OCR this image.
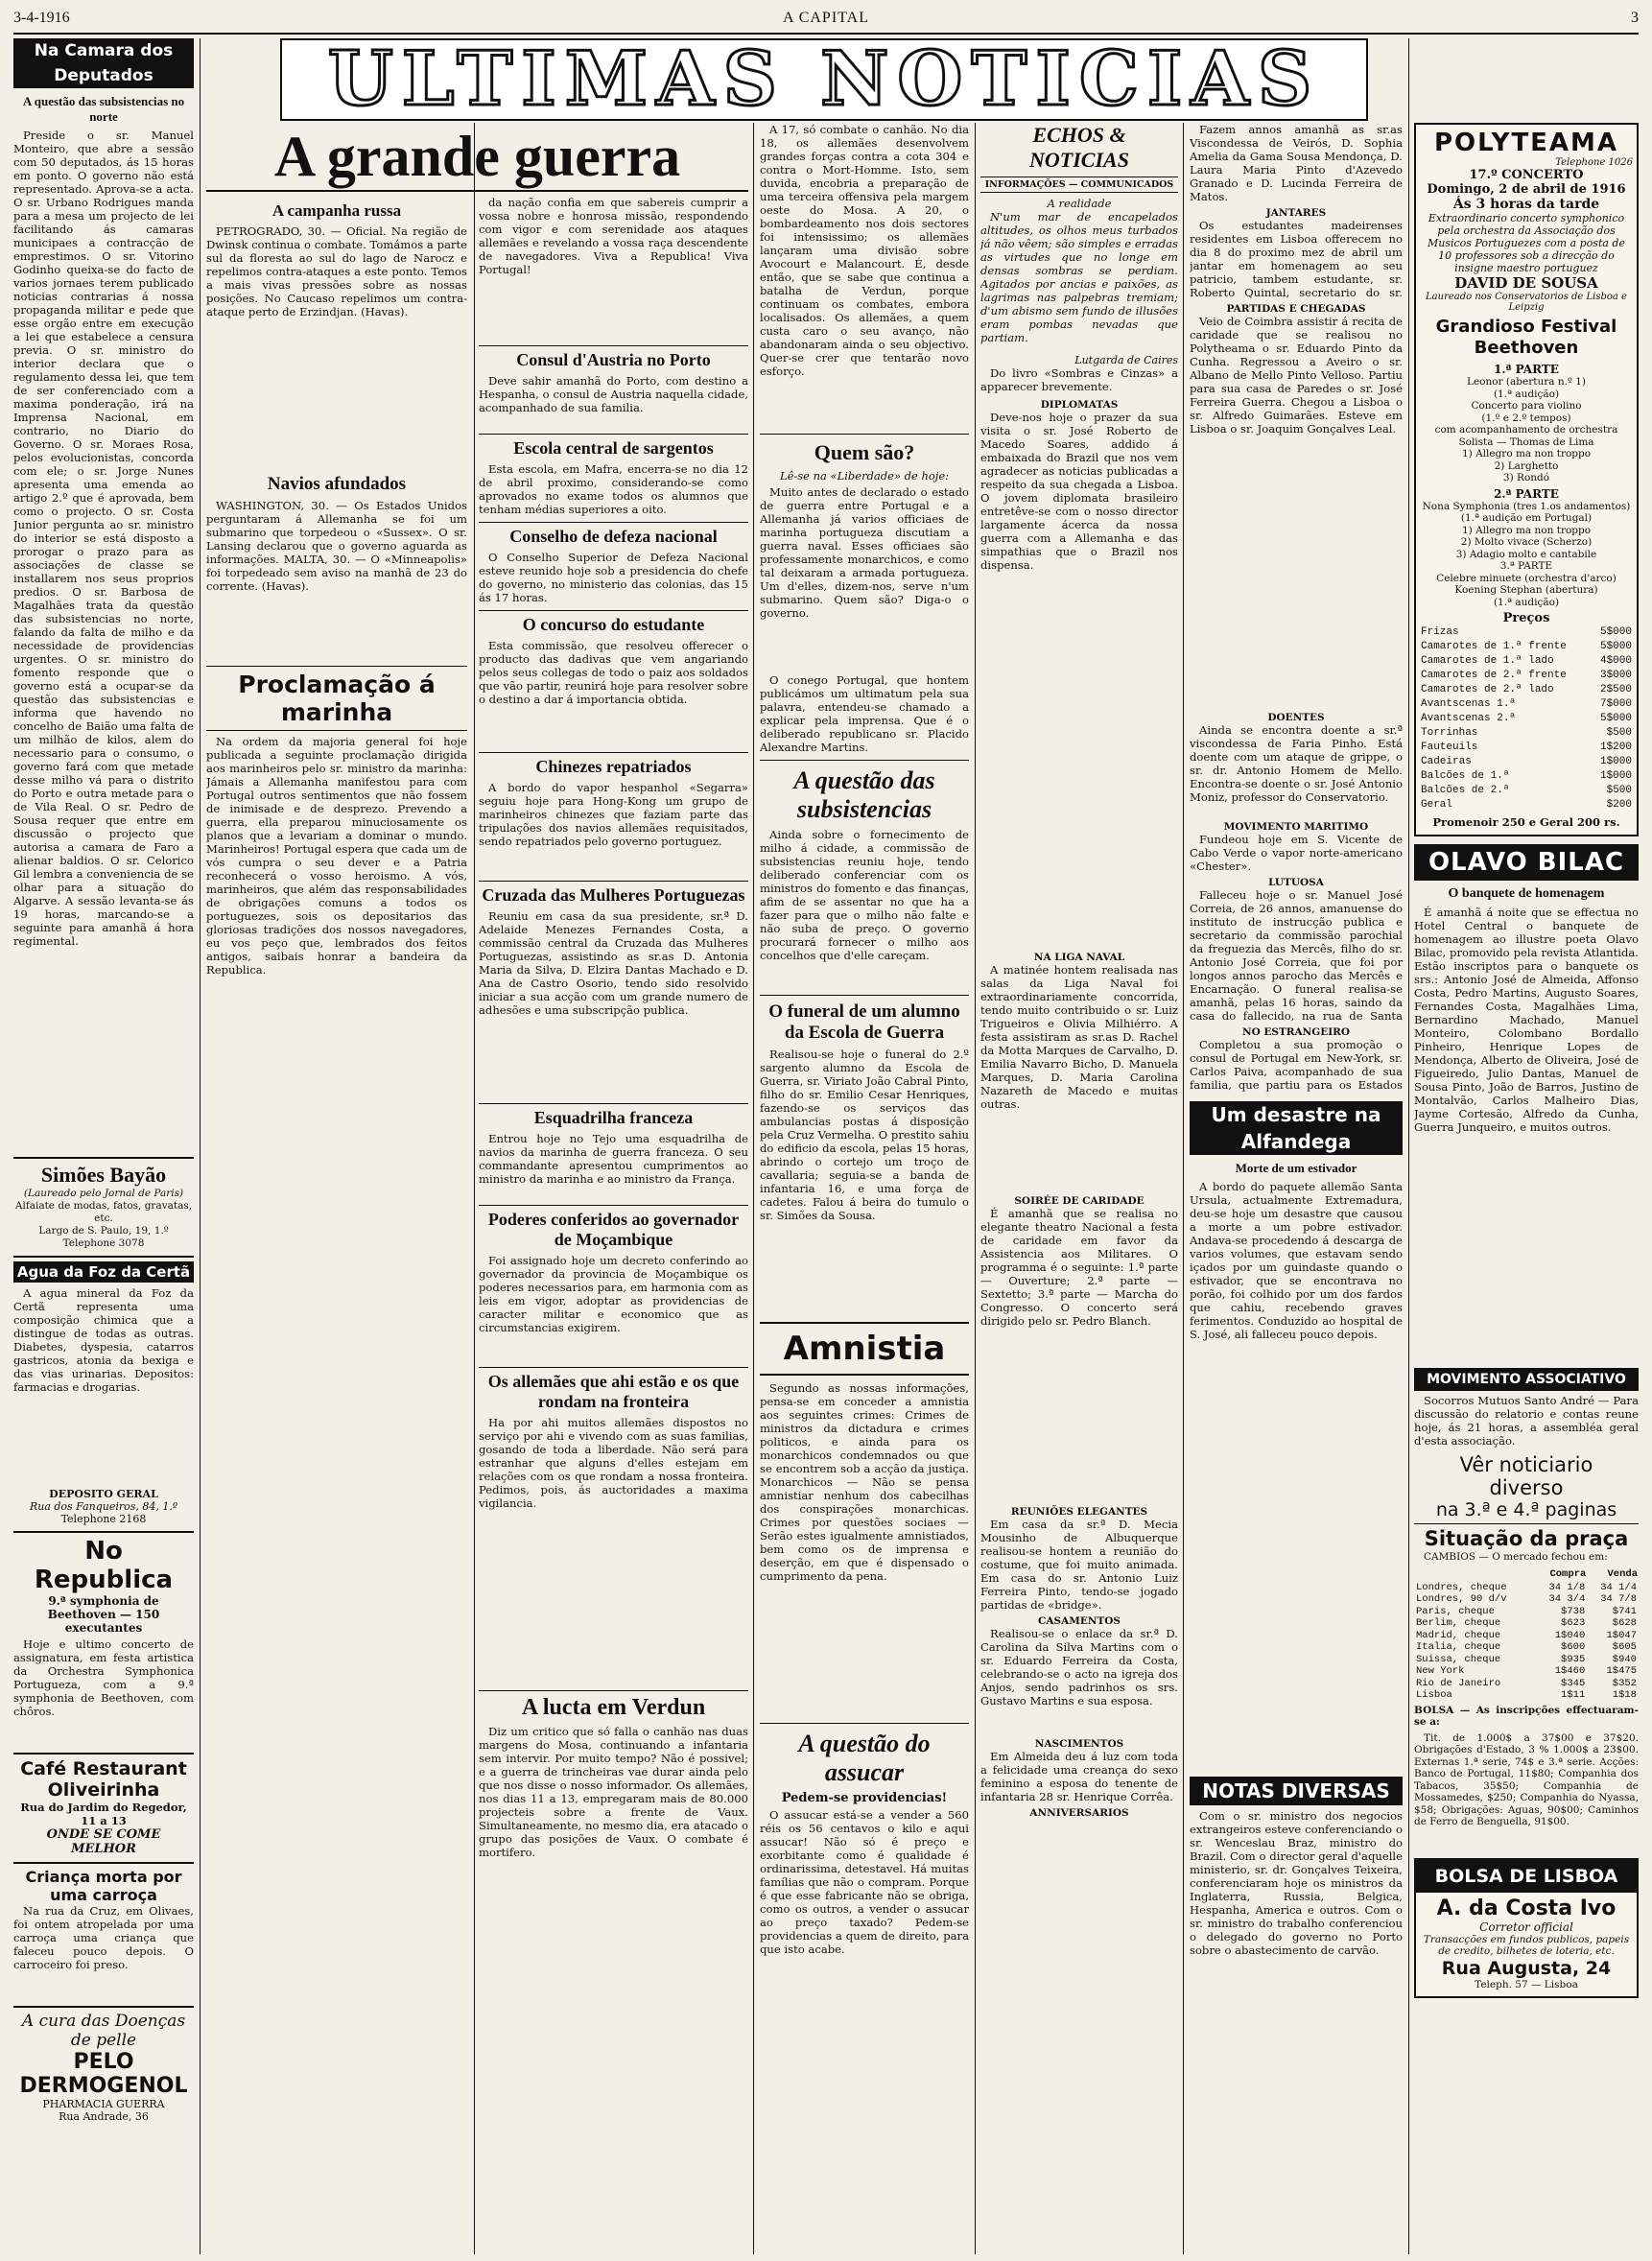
3-4-1916	A CAPITAL	3
ULTIMAS NOTICIAS
Na Camara dos Deputados
A questão das subsistencias no norte

Preside o sr. Manuel Monteiro, que abre a sessão com 50 deputados, ás 15 horas em ponto. O governo não está representado. Aprova-se a acta. O sr. Urbano Rodrigues manda para a mesa um projecto de lei facilitando ás camaras municipaes a contracção de emprestimos. O sr. Vitorino Godinho queixa-se do facto de varios jornaes terem publicado noticias contrarias á nossa propaganda militar e pede que esse orgão entre em execução a lei que estabelece a censura previa. O sr. ministro do interior declara que o regulamento dessa lei, que tem de ser conferenciado com a maxima ponderação, irá na Imprensa Nacional, em contrario, no Diario do Governo. O sr. Moraes Rosa, pelos evolucionistas, concorda com ele; o sr. Jorge Nunes apresenta uma emenda ao artigo 2.º que é aprovada, bem como o projecto. O sr. Costa Junior pergunta ao sr. ministro do interior se está disposto a prorogar o prazo para as associações de classe se installarem nos seus proprios predios. O sr. Barbosa de Magalhães trata da questão das subsistencias no norte, falando da falta de milho e da necessidade de providencias urgentes. O sr. ministro do fomento responde que o governo está a ocupar-se da questão das subsistencias e informa que havendo no concelho de Baião uma falta de um milhão de kilos, alem do necessario para o consumo, o governo fará com que metade desse milho vá para o distrito do Porto e outra metade para o de Vila Real. O sr. Pedro de Sousa requer que entre em discussão o projecto que autorisa a camara de Faro a alienar baldios. O sr. Celorico Gil lembra a conveniencia de se olhar para a situação do Algarve. A sessão levanta-se ás 19 horas, marcando-se a seguinte para amanhã á hora regimental.

Simões Bayão
(Laureado pelo Jornal de Paris)
Alfaiate de modas, fatos, gravatas, etc.
Largo de S. Paulo, 19, 1.º
Telephone 3078
Agua da Foz da Certã

A agua mineral da Foz da Certã representa uma composição chimica que a distingue de todas as outras. Diabetes, dyspesia, catarros gastricos, atonia da bexiga e das vias urinarias. Depositos: farmacias e drogarias.

DEPOSITO GERAL
Rua dos Fanqueiros, 84, 1.º
Telephone 2168
No Republica
9.ª symphonia de Beethoven — 150 executantes

Hoje e ultimo concerto de assignatura, em festa artistica da Orchestra Symphonica Portugueza, com a 9.ª symphonia de Beethoven, com chôros.

Café Restaurant Oliveirinha
Rua do Jardim do Regedor, 11 a 13
ONDE SE COME MELHOR
Criança morta por uma carroça

Na rua da Cruz, em Olivaes, foi ontem atropelada por uma carroça uma criança que faleceu pouco depois. O carroceiro foi preso.

A cura das Doenças de pelle
PELO DERMOGENOL
PHARMACIA GUERRA
Rua Andrade, 36
A grande guerra
A campanha russa

PETROGRADO, 30. — Oficial. Na região de Dwinsk continua o combate. Tomámos a parte sul da floresta ao sul do lago de Narocz e repelimos contra-ataques a este ponto. Temos a mais vivas pressões sobre as nossas posições. No Caucaso repelimos um contra-ataque perto de Erzindjan. (Havas).

Navios afundados

WASHINGTON, 30. — Os Estados Unidos perguntaram á Allemanha se foi um submarino que torpedeou o «Sussex». O sr. Lansing declarou que o governo aguarda as informações. MALTA, 30. — O «Minneapolis» foi torpedeado sem aviso na manhã de 23 do corrente. (Havas).

Proclamação á marinha

Na ordem da majoria general foi hoje publicada a seguinte proclamação dirigida aos marinheiros pelo sr. ministro da marinha: Jámais a Allemanha manifestou para com Portugal outros sentimentos que não fossem de inimisade e de desprezo. Prevendo a guerra, ella preparou minuciosamente os planos que a levariam a dominar o mundo. Marinheiros! Portugal espera que cada um de vós cumpra o seu dever e a Patria reconhecerá o vosso heroismo. A vós, marinheiros, que além das responsabilidades de obrigações comuns a todos os portuguezes, sois os depositarios das gloriosas tradições dos nossos navegadores, eu vos peço que, lembrados dos feitos antigos, saibais honrar a bandeira da Republica.

da nação confia em que sabereis cumprir a vossa nobre e honrosa missão, respondendo com vigor e com serenidade aos ataques allemães e revelando a vossa raça descendente de navegadores. Viva a Republica! Viva Portugal!

Consul d'Austria no Porto

Deve sahir amanhã do Porto, com destino a Hespanha, o consul de Austria naquella cidade, acompanhado de sua familia.

Escola central de sargentos

Esta escola, em Mafra, encerra-se no dia 12 de abril proximo, considerando-se como aprovados no exame todos os alumnos que tenham médias superiores a oito.

Conselho de defeza nacional

O Conselho Superior de Defeza Nacional esteve reunido hoje sob a presidencia do chefe do governo, no ministerio das colonias, das 15 ás 17 horas.

O concurso do estudante

Esta commissão, que resolveu offerecer o producto das dadivas que vem angariando pelos seus collegas de todo o paiz aos soldados que vão partir, reunirá hoje para resolver sobre o destino a dar á importancia obtida.

Chinezes repatriados

A bordo do vapor hespanhol «Segarra» seguiu hoje para Hong-Kong um grupo de marinheiros chinezes que faziam parte das tripulações dos navios allemães requisitados, sendo repatriados pelo governo portuguez.

Cruzada das Mulheres Portuguezas

Reuniu em casa da sua presidente, sr.ª D. Adelaide Menezes Fernandes Costa, a commissão central da Cruzada das Mulheres Portuguezas, assistindo as sr.as D. Antonia Maria da Silva, D. Elzira Dantas Machado e D. Ana de Castro Osorio, tendo sido resolvido iniciar a sua acção com um grande numero de adhesões e uma subscripção publica.

Esquadrilha franceza

Entrou hoje no Tejo uma esquadrilha de navios da marinha de guerra franceza. O seu commandante apresentou cumprimentos ao ministro da marinha e ao ministro da França.

Poderes conferidos ao governador de Moçambique

Foi assignado hoje um decreto conferindo ao governador da provincia de Moçambique os poderes necessarios para, em harmonia com as leis em vigor, adoptar as providencias de caracter militar e economico que as circumstancias exigirem.

Os allemães que ahi estão e os que rondam na fronteira

Ha por ahi muitos allemães dispostos no serviço por ahi e vivendo com as suas familias, gosando de toda a liberdade. Não será para estranhar que alguns d'elles estejam em relações com os que rondam a nossa fronteira. Pedimos, pois, ás auctoridades a maxima vigilancia.

A lucta em Verdun

Diz um critico que só falla o canhão nas duas margens do Mosa, continuando a infantaria sem intervir. Por muito tempo? Não é possivel; e a guerra de trincheiras vae durar ainda pelo que nos disse o nosso informador. Os allemães, nos dias 11 a 13, empregaram mais de 80.000 projecteis sobre a frente de Vaux. Simultaneamente, no mesmo dia, era atacado o grupo das posições de Vaux. O combate é mortifero.

A 17, só combate o canhão. No dia 18, os allemães desenvolvem grandes forças contra a cota 304 e contra o Mort-Homme. Isto, sem duvida, encobria a preparação de uma terceira offensiva pela margem oeste do Mosa. A 20, o bombardeamento nos dois sectores foi intensissimo; os allemães lançaram uma divisão sobre Avocourt e Malancourt. É, desde então, que se sabe que continua a batalha de Verdun, porque continuam os combates, embora localisados. Os allemães, a quem custa caro o seu avanço, não abandonaram ainda o seu objectivo. Quer-se crer que tentarão novo esforço.

Quem são?
Lê-se na «Liberdade» de hoje:

Muito antes de declarado o estado de guerra entre Portugal e a Allemanha já varios officiaes de marinha portugueza discutiam a guerra naval. Esses officiaes são professamente monarchicos, e como tal deixaram a armada portugueza. Um d'elles, dizem-nos, serve n'um submarino. Quem são? Diga-o o governo.

O conego Portugal, que hontem publicámos um ultimatum pela sua palavra, entendeu-se chamado a explicar pela imprensa. Que é o deliberado republicano sr. Placido Alexandre Martins.

A questão das subsistencias

Ainda sobre o fornecimento de milho á cidade, a commissão de subsistencias reuniu hoje, tendo deliberado conferenciar com os ministros do fomento e das finanças, afim de se assentar no que ha a fazer para que o milho não falte e não suba de preço. O governo procurará fornecer o milho aos concelhos que d'elle careçam.

O funeral de um alumno da Escola de Guerra

Realisou-se hoje o funeral do 2.º sargento alumno da Escola de Guerra, sr. Viriato João Cabral Pinto, filho do sr. Emilio Cesar Henriques, fazendo-se os serviços das ambulancias postas á disposição pela Cruz Vermelha. O prestito sahiu do edificio da escola, pelas 15 horas, abrindo o cortejo um troço de cavallaria; seguia-se a banda de infantaria 16, e uma força de cadetes. Falou á beira do tumulo o sr. Simões da Sousa.

Amnistia

Segundo as nossas informações, pensa-se em conceder a amnistia aos seguintes crimes: Crimes de ministros da dictadura e crimes politicos, e ainda para os monarchicos condemnados ou que se encontrem sob a acção da justiça. Monarchicos — Não se pensa amnistiar nenhum dos cabecilhas dos conspirações monarchicas. Crimes por questões sociaes — Serão estes igualmente amnistiados, bem como os de imprensa e deserção, em que é dispensado o cumprimento da pena.

A questão do assucar
Pedem-se providencias!

O assucar está-se a vender a 560 réis os 56 centavos o kilo e aqui assucar! Não só é preço e exorbitante como é qualidade é ordinarissima, detestavel. Há muitas famílias que não o compram. Porque é que esse fabricante não se obriga, como os outros, a vender o assucar ao preço taxado? Pedem-se providencias a quem de direito, para que isto acabe.

ECHOS & NOTICIAS
INFORMAÇÕES — COMMUNICADOS
A realidade

N'um mar de encapelados altitudes, os olhos meus turbados já não vêem; são simples e erradas as virtudes que no longe em densas sombras se perdiam. Agitados por ancias e paixões, as lagrimas nas palpebras tremiam; d'um abismo sem fundo de illusões eram pombas nevadas que partiam.

Lutgarda de Caires

Do livro «Sombras e Cinzas» a apparecer brevemente.

DIPLOMATAS

Deve-nos hoje o prazer da sua visita o sr. José Roberto de Macedo Soares, addido á embaixada do Brazil que nos vem agradecer as noticias publicadas a respeito da sua chegada a Lisboa. O jovem diplomata brasileiro entretêve-se com o nosso director largamente ácerca da nossa guerra com a Allemanha e das simpathias que o Brazil nos dispensa.

NA LIGA NAVAL

A matinée hontem realisada nas salas da Liga Naval foi extraordinariamente concorrida, tendo muito contribuido o sr. Luiz Trigueiros e Olivia Milhiérro. A festa assistiram as sr.as D. Rachel da Motta Marques de Carvalho, D. Emilia Navarro Bicho, D. Manuela Marques, D. Maria Carolina Nazareth de Macedo e muitas outras.

SOIRÉE DE CARIDADE

É amanhã que se realisa no elegante theatro Nacional a festa de caridade em favor da Assistencia aos Militares. O programma é o seguinte: 1.ª parte — Ouverture; 2.ª parte — Sextetto; 3.ª parte — Marcha do Congresso. O concerto será dirigido pelo sr. Pedro Blanch.

REUNIÕES ELEGANTES

Em casa da sr.ª D. Mecia Mousinho de Albuquerque realisou-se hontem a reunião do costume, que foi muito animada. Em casa do sr. Antonio Luiz Ferreira Pinto, tendo-se jogado partidas de «bridge».

CASAMENTOS

Realisou-se o enlace da sr.ª D. Carolina da Silva Martins com o sr. Eduardo Ferreira da Costa, celebrando-se o acto na igreja dos Anjos, sendo padrinhos os srs. Gustavo Martins e sua esposa.

NASCIMENTOS

Em Almeida deu á luz com toda a felicidade uma creança do sexo feminino a esposa do tenente de infantaria 28 sr. Henrique Corrêa.

ANNIVERSARIOS

Fazem annos amanhã as sr.as Viscondessa de Veirós, D. Sophia Amelia da Gama Sousa Mendonça, D. Laura Maria Pinto d'Azevedo Granado e D. Lucinda Ferreira de Matos.

JANTARES

Os estudantes madeirenses residentes em Lisboa offerecem no dia 8 do proximo mez de abril um jantar em homenagem ao seu patricio, tambem estudante, sr. Roberto Quintal, secretario do sr.

PARTIDAS E CHEGADAS

Veio de Coimbra assistir á recita de caridade que se realisou no Polytheama o sr. Eduardo Pinto da Cunha. Regressou a Aveiro o sr. Albano de Mello Pinto Velloso. Partiu para sua casa de Paredes o sr. José Ferreira Guerra. Chegou a Lisboa o sr. Alfredo Guimarães. Esteve em Lisboa o sr. Joaquim Gonçalves Leal.

DOENTES

Ainda se encontra doente a sr.ª viscondessa de Faria Pinho. Está doente com um ataque de grippe, o sr. dr. Antonio Homem de Mello. Encontra-se doente o sr. José Antonio Moniz, professor do Conservatorio.

MOVIMENTO MARITIMO

Fundeou hoje em S. Vicente de Cabo Verde o vapor norte-americano «Chester».

LUTUOSA

Falleceu hoje o sr. Manuel José Correia, de 26 annos, amanuense do instituto de instrucção publica e secretario da commissão parochial da freguezia das Mercês, filho do sr. Antonio José Correia, que foi por longos annos parocho das Mercês e Encarnação. O funeral realisa-se amanhã, pelas 16 horas, saindo da casa do fallecido, na rua de Santa

NO ESTRANGEIRO

Completou a sua promoção o consul de Portugal em New-York, sr. Carlos Paiva, acompanhado de sua familia, que partiu para os Estados

Um desastre na Alfandega
Morte de um estivador

A bordo do paquete allemão Santa Ursula, actualmente Extremadura, deu-se hoje um desastre que causou a morte a um pobre estivador. Andava-se procedendo á descarga de varios volumes, que estavam sendo içados por um guindaste quando o estivador, que se encontrava no porão, foi colhido por um dos fardos que cahiu, recebendo graves ferimentos. Conduzido ao hospital de S. José, ali falleceu pouco depois.

NOTAS DIVERSAS

Com o sr. ministro dos negocios extrangeiros esteve conferenciando o sr. Wenceslau Braz, ministro do Brazil. Com o director geral d'aquelle ministerio, sr. dr. Gonçalves Teixeira, conferenciaram hoje os ministros da Inglaterra, Russia, Belgica, Hespanha, America e outros. Com o sr. ministro do trabalho conferenciou o delegado do governo no Porto sobre o abastecimento de carvão.

POLYTEAMA
Telephone 1026
17.º CONCERTO
Domingo, 2 de abril de 1916
Ás 3 horas da tarde
Extraordinario concerto symphonico pela orchestra da Associação dos Musicos Portuguezes com a posta de 10 professores sob a direcção do insigne maestro portuguez
DAVID DE SOUSA
Laureado nos Conservatorios de Lisboa e Leipzig
Grandioso Festival Beethoven
1.ª PARTE
Leonor (abertura n.º 1)
(1.ª audição)
Concerto para violino
(1.º e 2.º tempos)
com acompanhamento de orchestra
Solista — Thomas de Lima
1) Allegro ma non troppo
2) Larghetto
3) Rondó
2.ª PARTE
Nona Symphonia (tres 1.os andamentos)
(1.ª audição em Portugal)
1) Allegro ma non troppo
2) Molto vivace (Scherzo)
3) Adagio molto e cantabile
3.ª PARTE
Celebre minuete (orchestra d'arco)
Koening Stephan (abertura)
(1.ª audição)
Preços
Frizas	5$000
Camarotes de 1.ª frente	5$000
Camarotes de 1.ª lado	4$000
Camarotes de 2.ª frente	3$000
Camarotes de 2.ª lado	2$500
Avantscenas 1.ª	7$000
Avantscenas 2.ª	5$000
Torrinhas	$500
Fauteuils	1$200
Cadeiras	1$000
Balcões de 1.ª	1$000
Balcões de 2.ª	$500
Geral	$200
Promenoir 250 e Geral 200 rs.
OLAVO BILAC
O banquete de homenagem

É amanhã á noite que se effectua no Hotel Central o banquete de homenagem ao illustre poeta Olavo Bilac, promovido pela revista Atlantida. Estão inscriptos para o banquete os srs.: Antonio José de Almeida, Affonso Costa, Pedro Martins, Augusto Soares, Fernandes Costa, Magalhães Lima, Bernardino Machado, Manuel Monteiro, Colombano Bordallo Pinheiro, Henrique Lopes de Mendonça, Alberto de Oliveira, José de Figueiredo, Julio Dantas, Manuel de Sousa Pinto, João de Barros, Justino de Montalvão, Carlos Malheiro Dias, Jayme Cortesão, Alfredo da Cunha, Guerra Junqueiro, e muitos outros.

MOVIMENTO ASSOCIATIVO

Socorros Mutuos Santo André — Para discussão do relatorio e contas reune hoje, ás 21 horas, a assembléa geral d'esta associação.

Vêr noticiario
diverso
na 3.ª e 4.ª paginas
Situação da praça

CAMBIOS — O mercado fechou em:

	Compra	Venda
Londres, cheque	34 1/8	34 1/4
Londres, 90 d/v	34 3/4	34 7/8
Paris, cheque	$738	$741
Berlim, cheque	$623	$628
Madrid, cheque	1$040	1$047
Italia, cheque	$600	$605
Suissa, cheque	$935	$940
New York	1$460	1$475
Rio de Janeiro	$345	$352
Lisboa	1$11	1$18

BOLSA — As inscripções effectuaram-se a:

Tit. de 1.000$ a 37$00 e 37$20. Obrigações d'Estado, 3 % 1.000$ a 23$00. Externas 1.ª serie, 74$ e 3.ª serie. Acções: Banco de Portugal, 11$80; Companhia dos Tabacos, 35$50; Companhia de Mossamedes, $250; Companhia do Nyassa, $58; Obrigações: Aguas, 90$00; Caminhos de Ferro de Benguella, 91$00.

BOLSA DE LISBOA
A. da Costa Ivo
Corretor official
Transacções em fundos publicos, papeis de credito, bilhetes de loteria, etc.
Rua Augusta, 24
Teleph. 57 — Lisboa
